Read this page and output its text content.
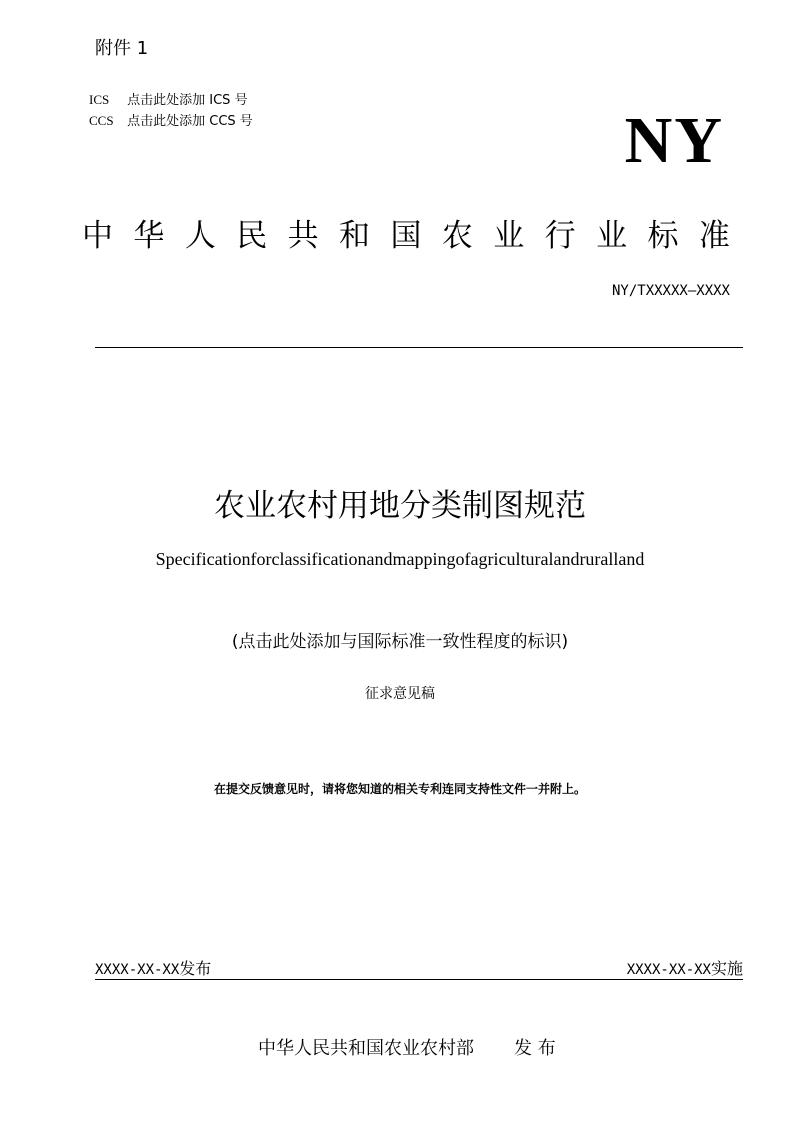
附件 1
ICS 点击此处添加 ICS 号
CCS 点击此处添加 CCS 号	NY
中 华 人 民 共 和 国 农 业 行 业 标 准
NY/TXXXXX—XXXX
农业农村用地分类制图规范
Specificationforclassificationandmappingofagriculturalandruralland
(点击此处添加与国际标准一致性程度的标识)
征求意见稿
在提交反馈意见时，请将您知道的相关专利连同支持性文件一并附上。
XXXX-XX-XX发布	XXXX-XX-XX实施
中华人民共和国农业农村部 发 布
